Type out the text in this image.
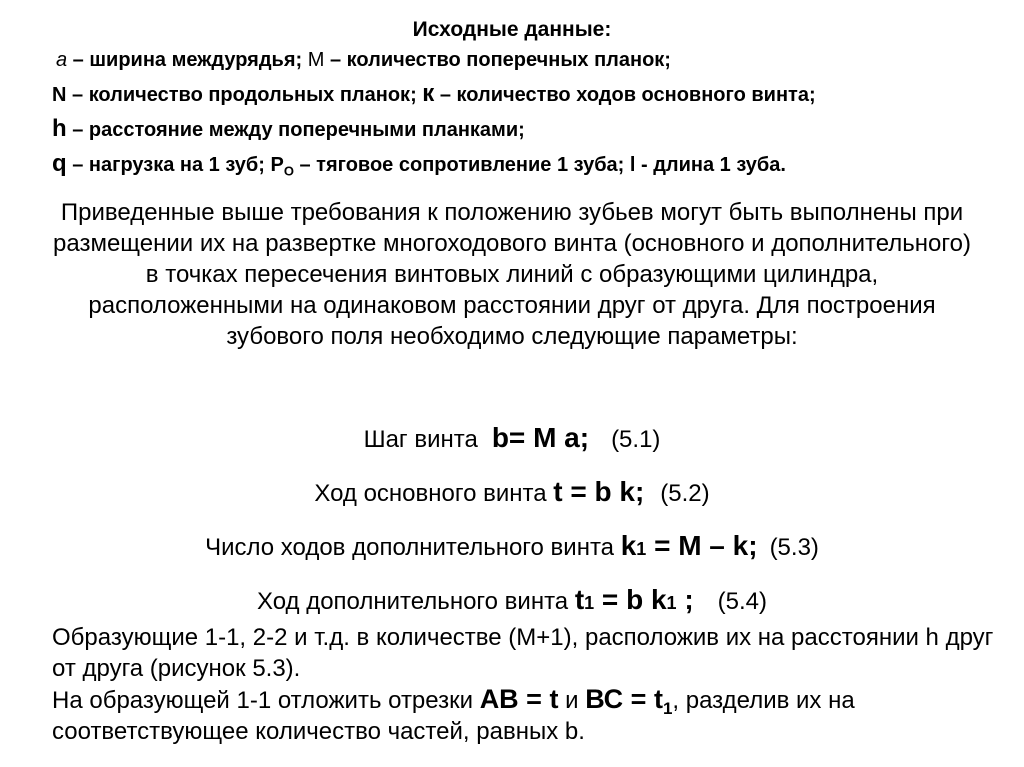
Исходные данные:
а – ширина междурядья; М – количество поперечных планок;
N – количество продольных планок; к – количество ходов основного винта;
h – расстояние между поперечными планками;
q – нагрузка на 1 зуб; $Р_О$ – тяговое сопротивление 1 зуба; l - длина 1 зуба.
Приведенные выше требования к положению зубьев могут быть выполнены при размещении их на развертке многоходового винта (основного и дополнительного) в точках пересечения винтовых линий с образующими цилиндра, расположенными на одинаковом расстоянии друг от друга. Для построения зубового поля необходимо следующие параметры:
Шаг винта b= M a; (5.1)
Ход основного винта t = b k; (5.2)
Число ходов дополнительного винта k1 = M – k; (5.3)
Ход дополнительного винта t1 = b k1 ; (5.4)
Образующие 1-1, 2-2 и т.д. в количестве (М+1), расположив их на расстоянии h друг от друга (рисунок 5.3).
На образующей 1-1 отложить отрезки АВ = t и ВС = $t_1$, разделив их на соответствующее количество частей, равных b.
